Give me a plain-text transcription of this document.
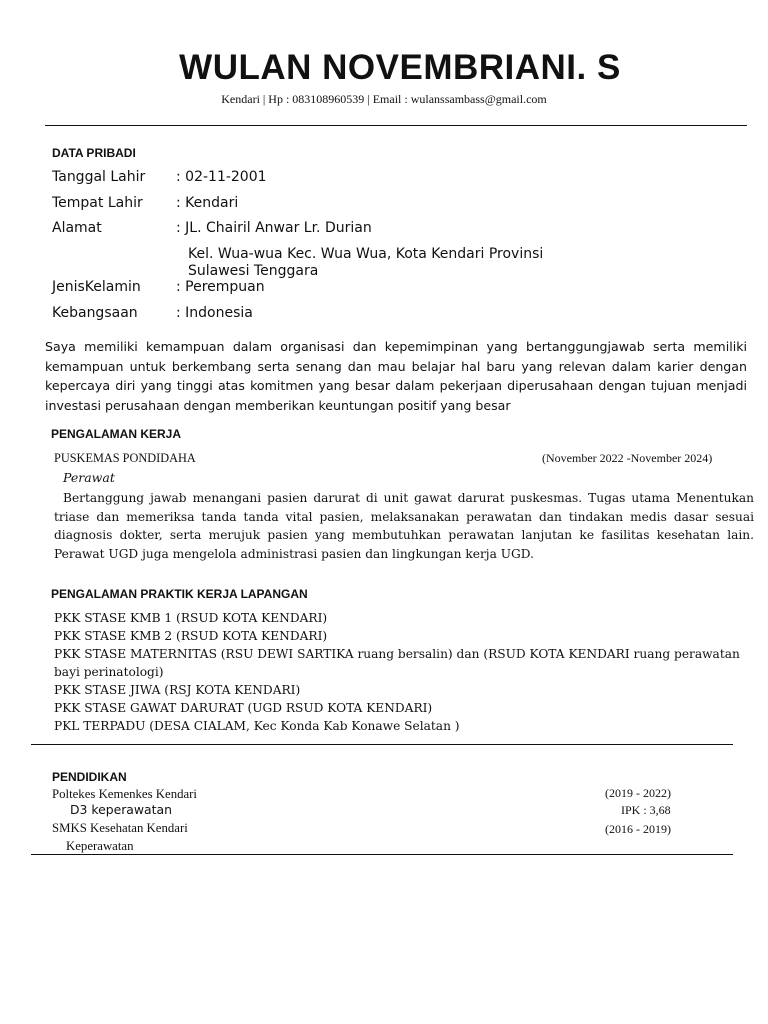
WULAN NOVEMBRIANI. S
Kendari | Hp : 083108960539 | Email : wulanssambass@gmail.com
DATA PRIBADI
Tanggal Lahir : 02-11-2001
Tempat Lahir : Kendari
Alamat	: JL. Chairil Anwar Lr. Durian
Kel. Wua-wua Kec. Wua Wua, Kota Kendari Provinsi
Sulawesi Tenggara
JenisKelamin	: Perempuan
Kebangsaan	: Indonesia
Saya memiliki kemampuan dalam organisasi dan kepemimpinan yang bertanggungjawab serta memiliki kemampuan untuk berkembang serta senang dan mau belajar hal baru yang relevan dalam karier dengan kepercaya diri yang tinggi atas komitmen yang besar dalam pekerjaan diperusahaan dengan tujuan menjadi investasi perusahaan dengan memberikan keuntungan positif yang besar
PENGALAMAN KERJA
PUSKEMAS PONDIDAHA	(November 2022 -November 2024)
Perawat
Bertanggung jawab menangani pasien darurat di unit gawat darurat puskesmas. Tugas utama Menentukan triase dan memeriksa tanda tanda vital pasien, melaksanakan perawatan dan tindakan medis dasar sesuai diagnosis dokter, serta merujuk pasien yang membutuhkan perawatan lanjutan ke fasilitas kesehatan lain. Perawat UGD juga mengelola administrasi pasien dan lingkungan kerja UGD.
PENGALAMAN PRAKTIK KERJA LAPANGAN
PKK STASE KMB 1 (RSUD KOTA KENDARI)
PKK STASE KMB 2 (RSUD KOTA KENDARI)
PKK STASE MATERNITAS (RSU DEWI SARTIKA ruang bersalin) dan (RSUD KOTA KENDARI ruang perawatan bayi perinatologi)
PKK STASE JIWA (RSJ KOTA KENDARI)
PKK STASE GAWAT DARURAT (UGD RSUD KOTA KENDARI)
PKL TERPADU (DESA CIALAM, Kec Konda Kab Konawe Selatan )
PENDIDIKAN
Poltekes Kemenkes Kendari	(2019 - 2022)
D3 keperawatan	IPK : 3,68
SMKS Kesehatan Kendari	(2016 - 2019)
Keperawatan
